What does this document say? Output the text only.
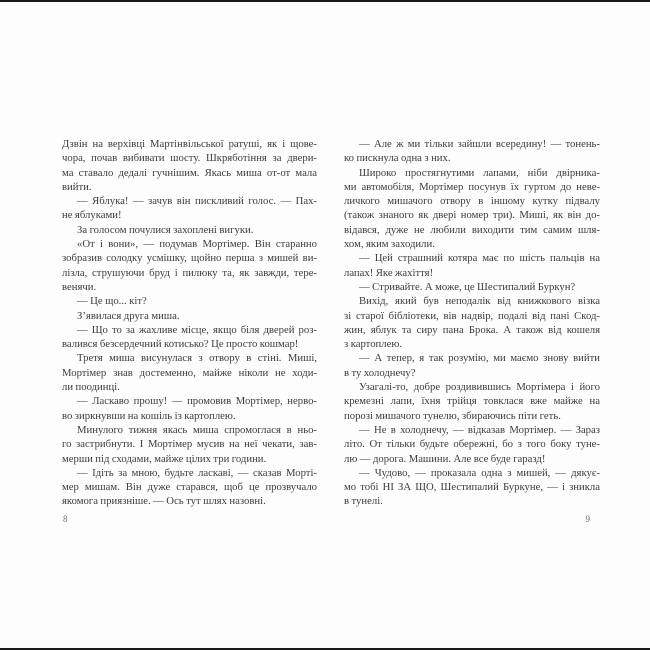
Дзвін на верхівці Мартінвільської ратуші, як і щове-
чора, почав вибивати шосту. Шкряботіння за двери-
ма ставало дедалі гучнішим. Якась миша от-от мала
вийти.

— Яблука! — зачув він пискливий голос. — Пах-
не яблуками!

За голосом почулися захоплені вигуки.

«От і вони», — подумав Мортімер. Він старанно
зобразив солодку усмішку, щойно перша з мишей ви-
лізла, струшуючи бруд і пилюку та, як завжди, тере-
венячи.

— Це що... кіт?

З’явилася друга миша.

— Що то за жахливе місце, якщо біля дверей роз-
валився безсердечний котисько? Це просто кошмар!

Третя миша висунулася з отвору в стіні. Миші,
Мортімер знав достеменно, майже ніколи не ходи-
ли поодинці.

— Ласкаво прошу! — промовив Мортімер, нерво-
во зиркнувши на кошіль із картоплею.

Минулого тижня якась миша спромоглася в ньо-
го застрибнути. І Мортімер мусив на неї чекати, зав-
мерши під сходами, майже цілих три години.

— Ідіть за мною, будьте ласкаві, — сказав Морті-
мер мишам. Він дуже старався, щоб це прозвучало
якомога приязніше. — Ось тут шлях назовні.

— Але ж ми тільки зайшли всередину! — тонень-
ко пискнула одна з них.

Широко простягнутими лапами, ніби двірника-
ми автомобіля, Мортімер посунув їх гуртом до неве-
личкого мишачого отвору в іншому кутку підвалу
(також знаного як двері номер три). Миші, як він до-
відався, дуже не любили виходити тим самим шля-
хом, яким заходили.

— Цей страшний котяра має по шість пальців на
лапах! Яке жахіття!

— Стривайте. А може, це Шестипалий Буркун?

Вихід, який був неподалік від книжкового візка
зі старої бібліотеки, вів надвір, подалі від пані Скод-
жин, яблук та сиру пана Брока. А також від кошеля
з картоплею.

— А тепер, я так розумію, ми маємо знову вийти
в ту холоднечу?

Узагалі-то, добре роздивившись Мортімера і його
кремезні лапи, їхня трійця товклася вже майже на
порозі мишачого тунелю, збираючись піти геть.

— Не в холоднечу, — відказав Мортімер. — Зараз
літо. От тільки будьте обережні, бо з того боку туне-
лю — дорога. Машини. Але все буде гаразд!

— Чудово, — проказала одна з мишей, — дякує-
мо тобі НІ ЗА ЩО, Шестипалий Буркуне, — і зникла
в тунелі.

8	9
